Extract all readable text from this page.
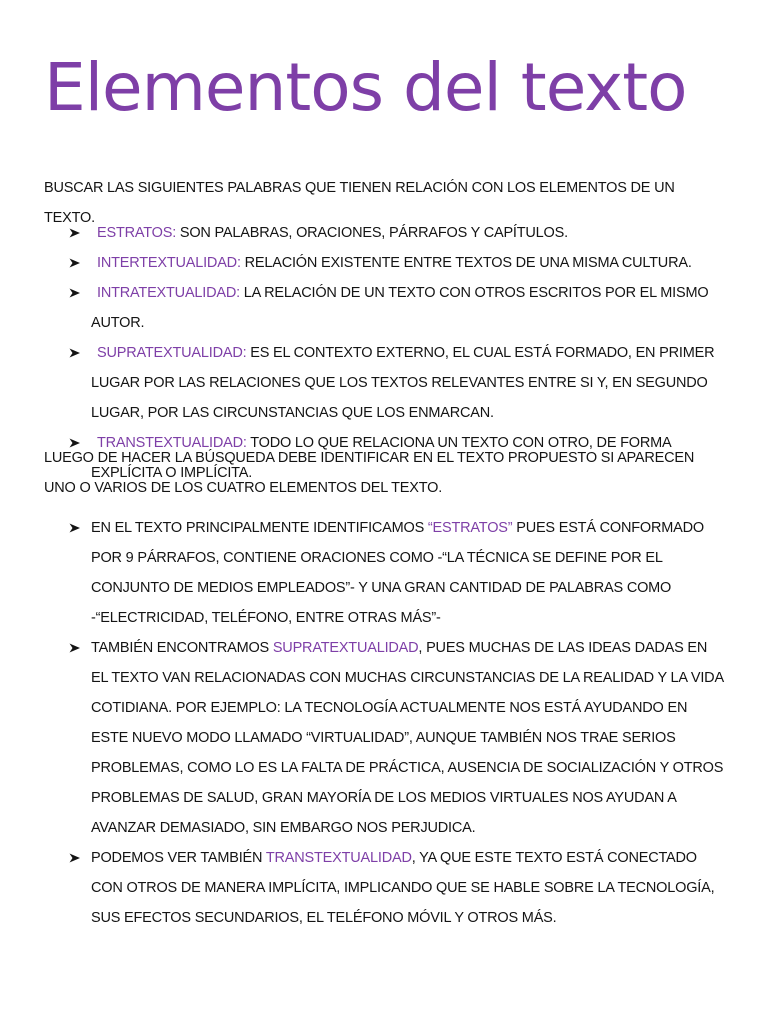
Elementos del texto

BUSCAR LAS SIGUIENTES PALABRAS QUE TIENEN RELACIÓN CON LOS ELEMENTOS DE UN TEXTO.

ESTRATOS: SON PALABRAS, ORACIONES, PÁRRAFOS Y CAPÍTULOS.
INTERTEXTUALIDAD: RELACIÓN EXISTENTE ENTRE TEXTOS DE UNA MISMA CULTURA.
INTRATEXTUALIDAD: LA RELACIÓN DE UN TEXTO CON OTROS ESCRITOS POR EL MISMO AUTOR.
SUPRATEXTUALIDAD: ES EL CONTEXTO EXTERNO, EL CUAL ESTÁ FORMADO, EN PRIMER LUGAR POR LAS RELACIONES QUE LOS TEXTOS RELEVANTES ENTRE SI Y, EN SEGUNDO LUGAR, POR LAS CIRCUNSTANCIAS QUE LOS ENMARCAN.
TRANSTEXTUALIDAD: TODO LO QUE RELACIONA UN TEXTO CON OTRO, DE FORMA EXPLÍCITA O IMPLÍCITA.

LUEGO DE HACER LA BÚSQUEDA DEBE IDENTIFICAR EN EL TEXTO PROPUESTO SI APARECEN UNO O VARIOS DE LOS CUATRO ELEMENTOS DEL TEXTO.

EN EL TEXTO PRINCIPALMENTE IDENTIFICAMOS “ESTRATOS” PUES ESTÁ CONFORMADO POR 9 PÁRRAFOS, CONTIENE ORACIONES COMO -“LA TÉCNICA SE DEFINE POR EL CONJUNTO DE MEDIOS EMPLEADOS”- Y UNA GRAN CANTIDAD DE PALABRAS COMO -“ELECTRICIDAD, TELÉFONO, ENTRE OTRAS MÁS”-
TAMBIÉN ENCONTRAMOS SUPRATEXTUALIDAD, PUES MUCHAS DE LAS IDEAS DADAS EN EL TEXTO VAN RELACIONADAS CON MUCHAS CIRCUNSTANCIAS DE LA REALIDAD Y LA VIDA COTIDIANA. POR EJEMPLO: LA TECNOLOGÍA ACTUALMENTE NOS ESTÁ AYUDANDO EN ESTE NUEVO MODO LLAMADO “VIRTUALIDAD”, AUNQUE TAMBIÉN NOS TRAE SERIOS PROBLEMAS, COMO LO ES LA FALTA DE PRÁCTICA, AUSENCIA DE SOCIALIZACIÓN Y OTROS PROBLEMAS DE SALUD, GRAN MAYORÍA DE LOS MEDIOS VIRTUALES NOS AYUDAN A AVANZAR DEMASIADO, SIN EMBARGO NOS PERJUDICA.
PODEMOS VER TAMBIÉN TRANSTEXTUALIDAD, YA QUE ESTE TEXTO ESTÁ CONECTADO CON OTROS DE MANERA IMPLÍCITA, IMPLICANDO QUE SE HABLE SOBRE LA TECNOLOGÍA, SUS EFECTOS SECUNDARIOS, EL TELÉFONO MÓVIL Y OTROS MÁS.
